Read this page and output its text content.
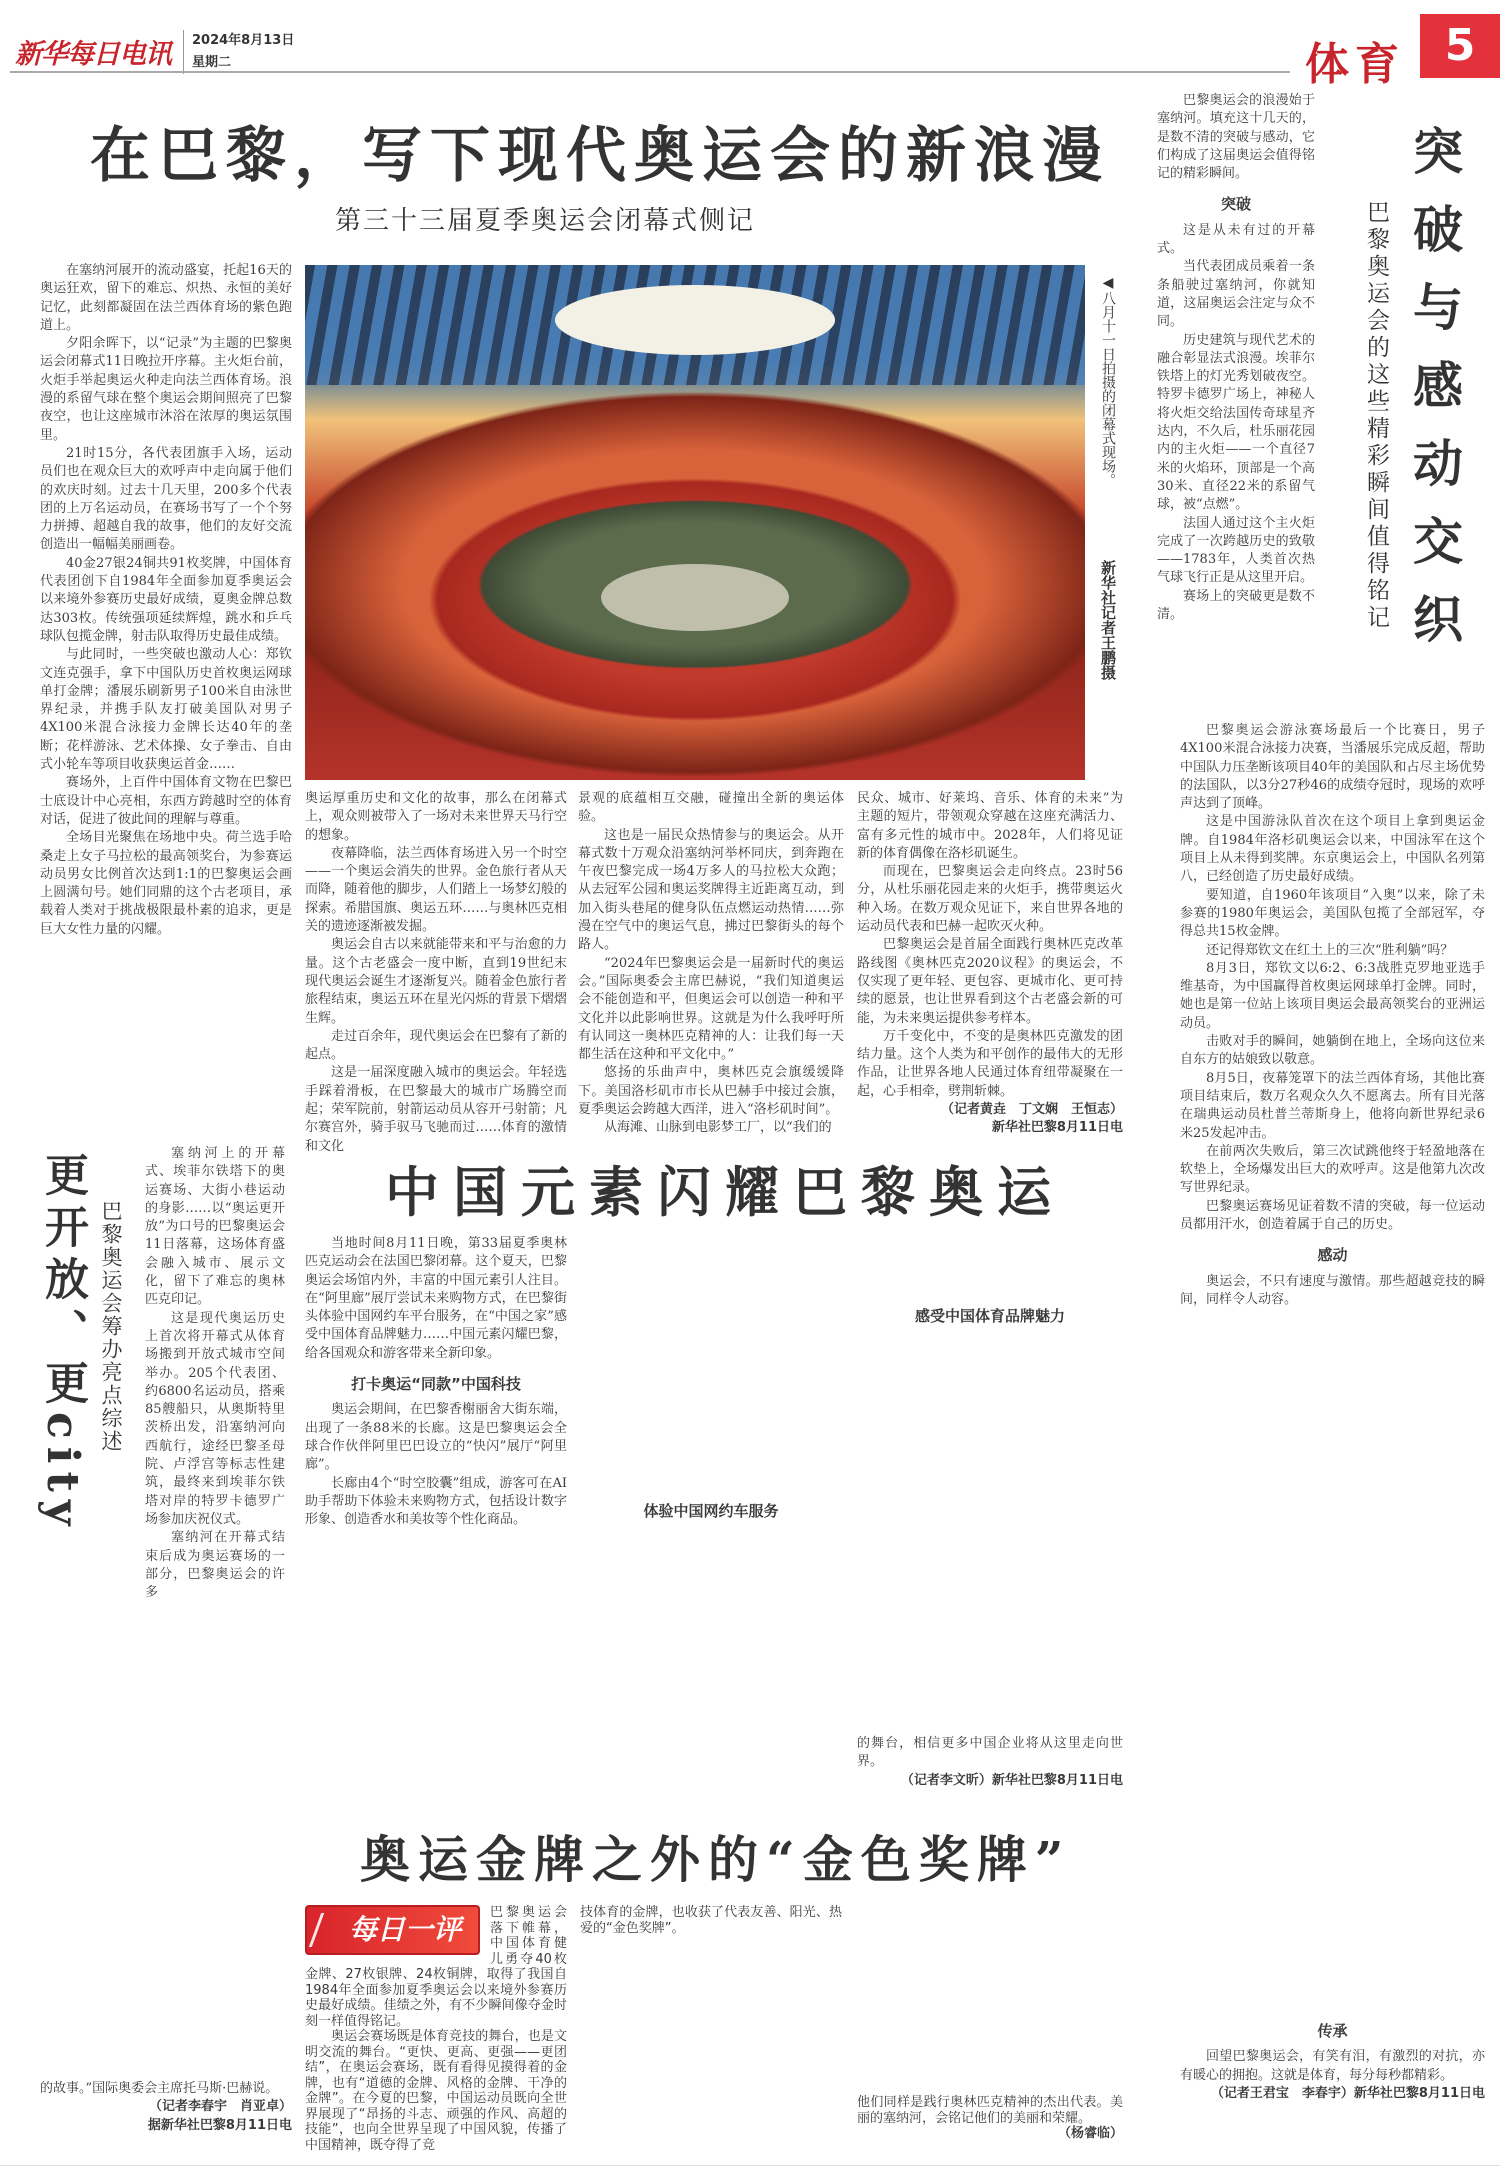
新华每日电讯 2024年8月13日
星期二	体育 5
在巴黎，写下现代奥运会的新浪漫
第三十三届夏季奥运会闭幕式侧记

在塞纳河展开的流动盛宴，托起16天的奥运狂欢，留下的难忘、炽热、永恒的美好记忆，此刻都凝固在法兰西体育场的紫色跑道上。

夕阳余晖下，以“记录”为主题的巴黎奥运会闭幕式11日晚拉开序幕。主火炬台前，火炬手举起奥运火种走向法兰西体育场。浪漫的系留气球在整个奥运会期间照亮了巴黎夜空，也让这座城市沐浴在浓厚的奥运氛围里。

21时15分，各代表团旗手入场，运动员们也在观众巨大的欢呼声中走向属于他们的欢庆时刻。过去十几天里，200多个代表团的上万名运动员，在赛场书写了一个个努力拼搏、超越自我的故事，他们的友好交流创造出一幅幅美丽画卷。

40金27银24铜共91枚奖牌，中国体育代表团创下自1984年全面参加夏季奥运会以来境外参赛历史最好成绩，夏奥金牌总数达303枚。传统强项延续辉煌，跳水和乒乓球队包揽金牌，射击队取得历史最佳成绩。

与此同时，一些突破也激动人心：郑钦文连克强手，拿下中国队历史首枚奥运网球单打金牌；潘展乐刷新男子100米自由泳世界纪录，并携手队友打破美国队对男子4X100米混合泳接力金牌长达40年的垄断；花样游泳、艺术体操、女子拳击、自由式小轮车等项目收获奥运首金……

赛场外，上百件中国体育文物在巴黎巴士底设计中心亮相，东西方跨越时空的体育对话，促进了彼此间的理解与尊重。

全场目光聚焦在场地中央。荷兰选手哈桑走上女子马拉松的最高领奖台，为参赛运动员男女比例首次达到1:1的巴黎奥运会画上圆满句号。她们同鼎的这个古老项目，承载着人类对于挑战极限最朴素的追求，更是巨大女性力量的闪耀。

◀八月十一日拍摄的闭幕式现场。
新华社记者王鹏摄

奥运厚重历史和文化的故事，那么在闭幕式上，观众则被带入了一场对未来世界天马行空的想象。

夜幕降临，法兰西体育场进入另一个时空——一个奥运会消失的世界。金色旅行者从天而降，随着他的脚步，人们踏上一场梦幻般的探索。希腊国旗、奥运五环……与奥林匹克相关的遗迹逐渐被发掘。

奥运会自古以来就能带来和平与治愈的力量。这个古老盛会一度中断，直到19世纪末现代奥运会诞生才逐渐复兴。随着金色旅行者旅程结束，奥运五环在星光闪烁的背景下熠熠生辉。

走过百余年，现代奥运会在巴黎有了新的起点。

这是一届深度融入城市的奥运会。年轻选手踩着滑板，在巴黎最大的城市广场腾空而起；荣军院前，射箭运动员从容开弓射箭；凡尔赛宫外，骑手驭马飞驰而过……体育的激情和文化

景观的底蕴相互交融，碰撞出全新的奥运体验。

这也是一届民众热情参与的奥运会。从开幕式数十万观众沿塞纳河举杯同庆，到奔跑在午夜巴黎完成一场4万多人的马拉松大众跑；从去冠军公园和奥运奖牌得主近距离互动，到加入街头巷尾的健身队伍点燃运动热情……弥漫在空气中的奥运气息，拂过巴黎街头的每个路人。

“2024年巴黎奥运会是一届新时代的奥运会。”国际奥委会主席巴赫说，“我们知道奥运会不能创造和平，但奥运会可以创造一种和平文化并以此影响世界。这就是为什么我呼吁所有认同这一奥林匹克精神的人：让我们每一天都生活在这种和平文化中。”

悠扬的乐曲声中，奥林匹克会旗缓缓降下。美国洛杉矶市市长从巴赫手中接过会旗，夏季奥运会跨越大西洋，进入“洛杉矶时间”。

从海滩、山脉到电影梦工厂，以“我们的

民众、城市、好莱坞、音乐、体育的未来”为主题的短片，带领观众穿越在这座充满活力、富有多元性的城市中。2028年，人们将见证新的体育偶像在洛杉矶诞生。

而现在，巴黎奥运会走向终点。23时56分，从杜乐丽花园走来的火炬手，携带奥运火种入场。在数万观众见证下，来自世界各地的运动员代表和巴赫一起吹灭火种。

巴黎奥运会是首届全面践行奥林匹克改革路线图《奥林匹克2020议程》的奥运会，不仅实现了更年轻、更包容、更城市化、更可持续的愿景，也让世界看到这个古老盛会新的可能，为未来奥运提供参考样本。

万千变化中，不变的是奥林匹克激发的团结力量。这个人类为和平创作的最伟大的无形作品，让世界各地人民通过体育纽带凝聚在一起，心手相牵，劈荆斩棘。

（记者黄垚　丁文娴　王恒志）

新华社巴黎8月11日电

突破与感动交织
巴黎奥运会的这些精彩瞬间值得铭记

巴黎奥运会的浪漫始于塞纳河。填充这十几天的，是数不清的突破与感动，它们构成了这届奥运会值得铭记的精彩瞬间。

突破

这是从未有过的开幕式。

当代表团成员乘着一条条船驶过塞纳河，你就知道，这届奥运会注定与众不同。

历史建筑与现代艺术的融合彰显法式浪漫。埃菲尔铁塔上的灯光秀划破夜空。特罗卡德罗广场上，神秘人将火炬交给法国传奇球星齐达内，不久后，杜乐丽花园内的主火炬——一个直径7米的火焰环，顶部是一个高30米、直径22米的系留气球，被“点燃”。

法国人通过这个主火炬完成了一次跨越历史的致敬——1783年，人类首次热气球飞行正是从这里开启。

赛场上的突破更是数不清。

巴黎奥运会游泳赛场最后一个比赛日，男子4X100米混合泳接力决赛，当潘展乐完成反超，帮助中国队力压垄断该项目40年的美国队和占尽主场优势的法国队，以3分27秒46的成绩夺冠时，现场的欢呼声达到了顶峰。

这是中国游泳队首次在这个项目上拿到奥运金牌。自1984年洛杉矶奥运会以来，中国泳军在这个项目上从未得到奖牌。东京奥运会上，中国队名列第八，已经创造了历史最好成绩。

要知道，自1960年该项目“入奥”以来，除了未参赛的1980年奥运会，美国队包揽了全部冠军，夺得总共15枚金牌。

还记得郑钦文在红土上的三次“胜利躺”吗？

8月3日，郑钦文以6:2、6:3战胜克罗地亚选手维基奇，为中国赢得首枚奥运网球单打金牌。同时，她也是第一位站上该项目奥运会最高领奖台的亚洲运动员。

击败对手的瞬间，她躺倒在地上，全场向这位来自东方的姑娘致以敬意。

8月5日，夜幕笼罩下的法兰西体育场，其他比赛项目结束后，数万名观众久久不愿离去。所有目光落在瑞典运动员杜普兰蒂斯身上，他将向新世界纪录6米25发起冲击。

在前两次失败后，第三次试跳他终于轻盈地落在软垫上，全场爆发出巨大的欢呼声。这是他第九次改写世界纪录。

巴黎奥运赛场见证着数不清的突破，每一位运动员都用汗水，创造着属于自己的历史。

感动

奥运会，不只有速度与激情。那些超越竞技的瞬间，同样令人动容。

传承

回望巴黎奥运会，有笑有泪，有激烈的对抗，亦有暖心的拥抱。这就是体育，每分每秒都精彩。

（记者王君宝　李春宇）新华社巴黎8月11日电

更开放、更city 巴黎奥运会筹办亮点综述

塞纳河上的开幕式、埃菲尔铁塔下的奥运赛场、大街小巷运动的身影……以“奥运更开放”为口号的巴黎奥运会11日落幕，这场体育盛会融入城市、展示文化，留下了难忘的奥林匹克印记。

这是现代奥运历史上首次将开幕式从体育场搬到开放式城市空间举办。205个代表团、约6800名运动员，搭乘85艘船只，从奥斯特里茨桥出发，沿塞纳河向西航行，途经巴黎圣母院、卢浮宫等标志性建筑，最终来到埃菲尔铁塔对岸的特罗卡德罗广场参加庆祝仪式。

塞纳河在开幕式结束后成为奥运赛场的一部分，巴黎奥运会的许多

的故事。”国际奥委会主席托马斯·巴赫说。

（记者李春宇　肖亚卓）

据新华社巴黎8月11日电

中国元素闪耀巴黎奥运

当地时间8月11日晚，第33届夏季奥林匹克运动会在法国巴黎闭幕。这个夏天，巴黎奥运会场馆内外，丰富的中国元素引人注目。在“阿里廊”展厅尝试未来购物方式，在巴黎街头体验中国网约车平台服务，在“中国之家”感受中国体育品牌魅力……中国元素闪耀巴黎，给各国观众和游客带来全新印象。

打卡奥运“同款”中国科技

奥运会期间，在巴黎香榭丽舍大街东端，出现了一条88米的长廊。这是巴黎奥运会全球合作伙伴阿里巴巴设立的“快闪”展厅“阿里廊”。

长廊由4个“时空胶囊”组成，游客可在AI助手帮助下体验未来购物方式，包括设计数字形象、创造香水和美妆等个性化商品。	体验中国网约车服务

感受中国体育品牌魅力

的舞台，相信更多中国企业将从这里走向世界。

（记者李文昕）新华社巴黎8月11日电

奥运金牌之外的“金色奖牌”
每日一评

巴黎奥运会落下帷幕，中国体育健儿勇夺40枚金牌、27枚银牌、24枚铜牌，取得了我国自1984年全面参加夏季奥运会以来境外参赛历史最好成绩。佳绩之外，有不少瞬间像夺金时刻一样值得铭记。

奥运会赛场既是体育竞技的舞台，也是文明交流的舞台。“更快、更高、更强——更团结”，在奥运会赛场，既有看得见摸得着的金牌，也有“道德的金牌、风格的金牌、干净的金牌”。在今夏的巴黎，中国运动员既向全世界展现了“昂扬的斗志、顽强的作风、高超的技能”，也向全世界呈现了中国风貌，传播了中国精神，既夺得了竞

技体育的金牌，也收获了代表友善、阳光、热爱的“金色奖牌”。

他们同样是践行奥林匹克精神的杰出代表。美丽的塞纳河，会铭记他们的美丽和荣耀。

（杨睿临）
